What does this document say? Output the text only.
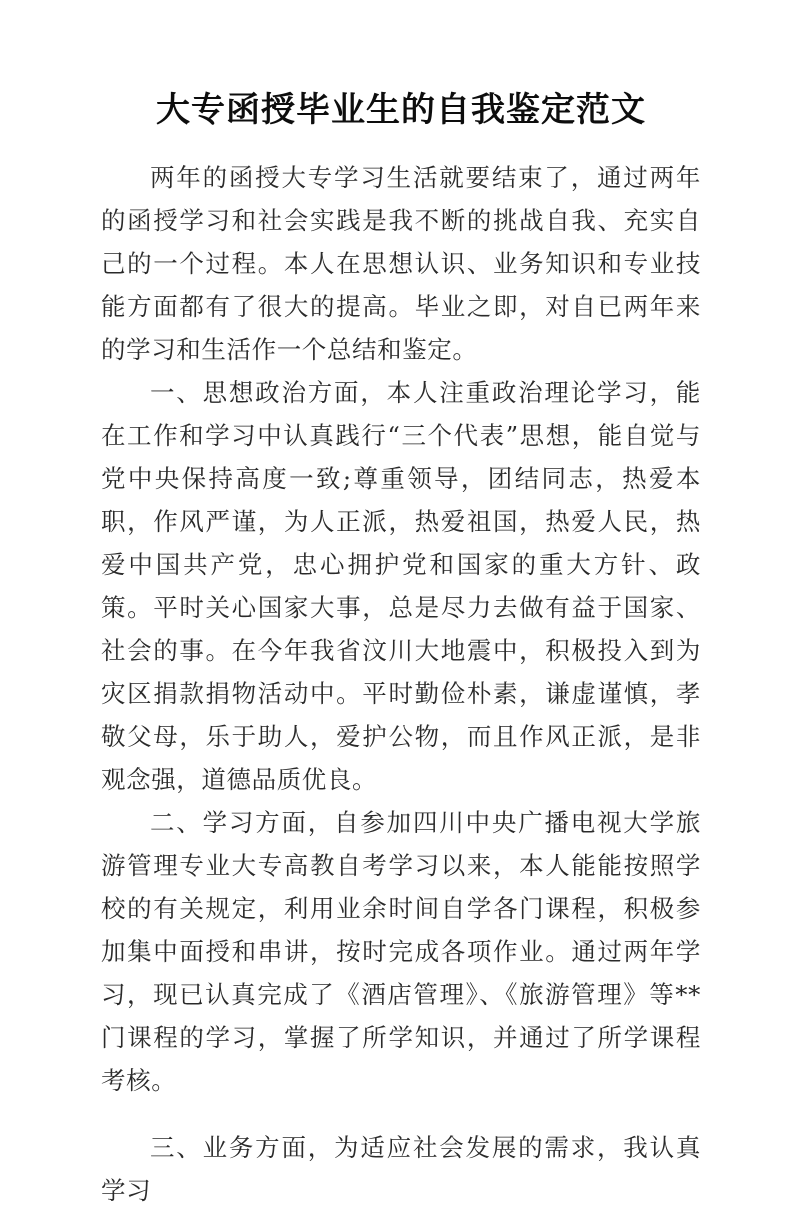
大专函授毕业生的自我鉴定范文

两年的函授大专学习生活就要结束了，通过两年的函授学习和社会实践是我不断的挑战自我、充实自己的一个过程。本人在思想认识、业务知识和专业技能方面都有了很大的提高。毕业之即，对自已两年来的学习和生活作一个总结和鉴定。

一、思想政治方面，本人注重政治理论学习，能在工作和学习中认真践行“三个代表”思想，能自觉与党中央保持高度一致;尊重领导，团结同志，热爱本职，作风严谨，为人正派，热爱祖国，热爱人民，热爱中国共产党，忠心拥护党和国家的重大方针、政策。平时关心国家大事，总是尽力去做有益于国家、社会的事。在今年我省汶川大地震中，积极投入到为灾区捐款捐物活动中。平时勤俭朴素，谦虚谨慎，孝敬父母，乐于助人，爱护公物，而且作风正派，是非观念强，道德品质优良。

二、学习方面，自参加四川中央广播电视大学旅游管理专业大专高教自考学习以来，本人能能按照学校的有关规定，利用业余时间自学各门课程，积极参加集中面授和串讲，按时完成各项作业。通过两年学习，现已认真完成了《酒店管理》、《旅游管理》等**门课程的学习，掌握了所学知识，并通过了所学课程考核。

三、业务方面，为适应社会发展的需求，我认真学习
